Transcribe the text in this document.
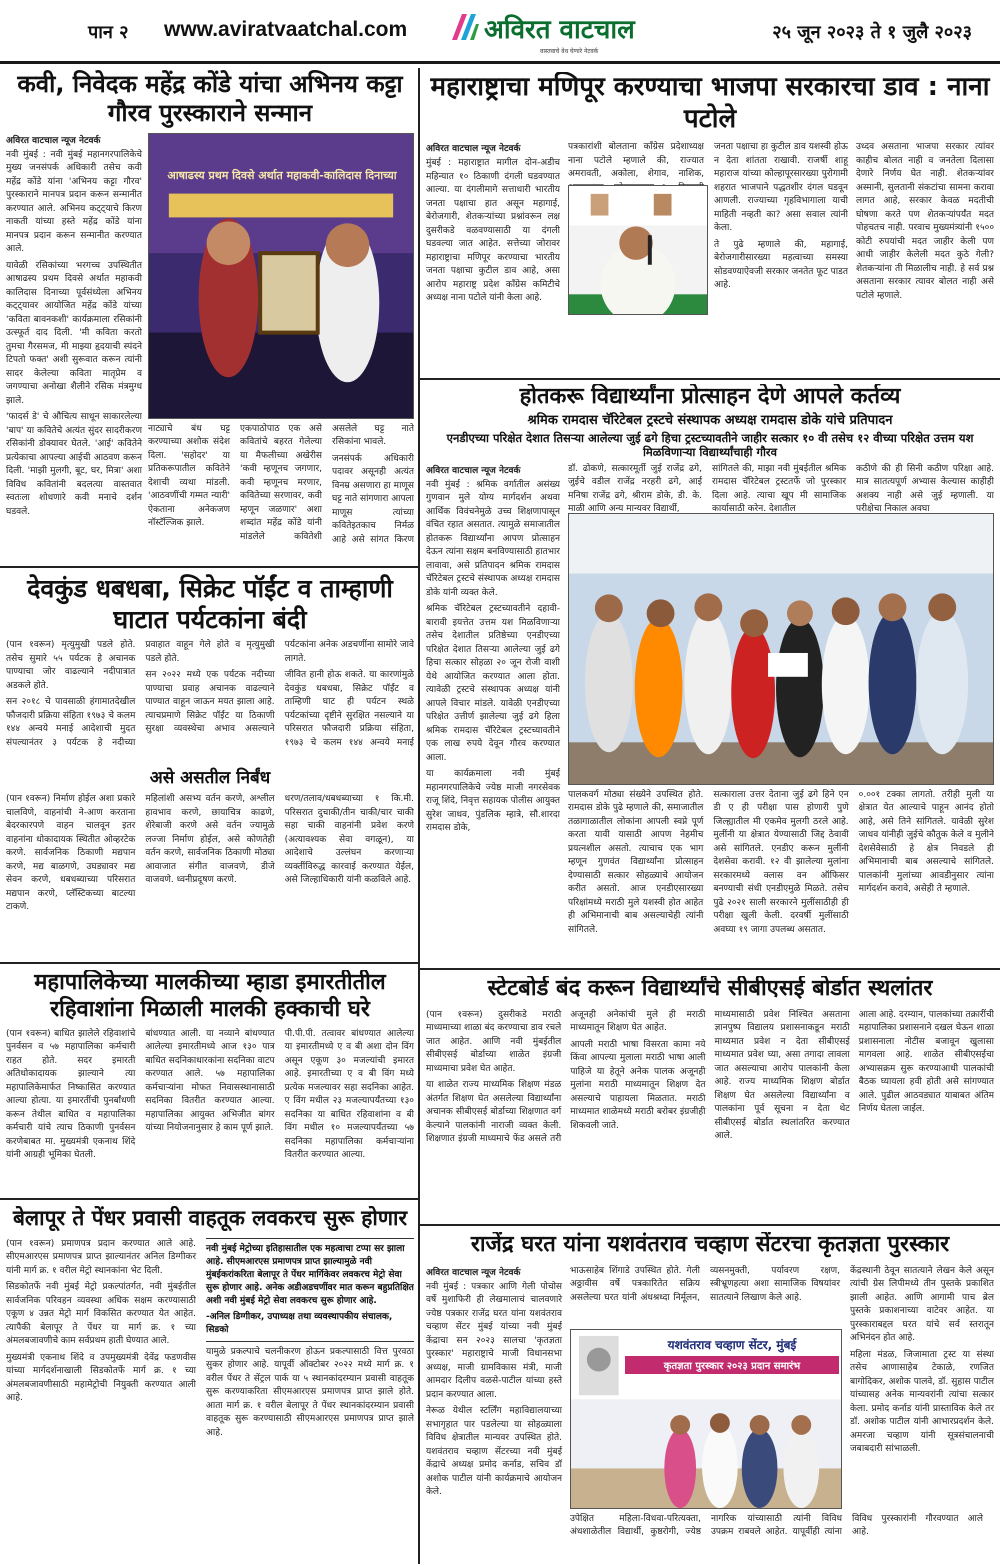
पान २ www.aviratvaatchal.com	अविरत वाटचाल
वास्तवाचे वेध घेणारे नेटवर्क
२५ जून २०२३ ते १ जुलै २०२३
कवी, निवेदक महेंद्र कोंडे यांचा अभिनय कट्टा गौरव पुरस्काराने सन्मान
अविरत वाटचाल न्यूज नेटवर्क

नवी मुंबई : नवी मुंबई महानगरपालिकेचे मुख्य जनसंपर्क अधिकारी तसेच कवी महेंद्र कोंडे यांना 'अभिनय कट्टा गौरव' पुरस्काराने मानपत्र प्रदान करून सन्मानीत करण्यात आले. अभिनय कट्ट्याचे किरण नाकती यांच्या हस्ते महेंद्र कोंडे यांना मानपत्र प्रदान करून सन्मानीत करण्यात आले.

यावेळी रसिकांच्या भरगच्च उपस्थितीत आषाढस्य प्रथम दिवसे अर्थात महाकवी कालिदास दिनाच्या पूर्वसंध्येला अभिनय कट्ट्यावर आयोजित महेंद्र कोंडे यांच्या 'कविता बावनकशी' कार्यक्रमाला रसिकांनी उत्स्फूर्त दाद दिली. 'मी कविता करतो तुमचा गैरसमज, मी माझ्या हृदयाची स्पंदने टिपतो फक्त' अशी सुरूवात करून त्यांनी सादर केलेल्या कविता मातृप्रेम व जगण्याचा अनोखा शैलीने रसिक मंत्रमुग्ध झाले.

'फादर्स डे' चे औचित्य साधून साकारलेल्या 'बाप' या कवितेचे अत्यंत सुंदर सादरीकरण रसिकांनी डोक्यावर घेतले. 'आई' कवितेने प्रत्येकाचा आपल्या आईची आठवण करून दिली. 'माझी मुलगी, बूट, घर, मित्रा' अशा विविध कवितांनी बदलत्या वास्तवात स्वतःला शोधणारे कवी मनाचे दर्शन घडवले.

आषाढस्य प्रथम दिवसे अर्थात महाकवी-कालिदास दिनाच्या

नाट्याचे बंध घट्ट करण्याच्या अशोक संदेश दिला. 'सहोदर' या प्रतिकरूपातील कवितेने देशाची व्यथा मांडली. 'आठवणींची गम्मत न्यारी' ऐकताना अनेकजण नॉस्टॅल्जिक झाले.

एकपाठोपाठ एक असे कवितांचे बहरत गेलेल्या या मैफलीच्या अखेरीस 'कवी म्हणूनच जगणार, कवी म्हणूनच मरणार, कवितेच्या सरणावर, कवी म्हणून जळणार' अशा शब्दांत महेंद्र कोंडे यांनी मांडलेले कवितेशी असलेले घट्ट नाते रसिकांना भावले.

जनसंपर्क अधिकारी पदावर असूनही अत्यंत विनम्र असणारा हा माणूस घट्ट नाते सांगणारा आपला माणूस त्यांच्या कवितेइतकाच निर्मळ आहे असे सांगत किरण

महाराष्ट्राचा मणिपूर करण्याचा भाजपा सरकारचा डाव : नाना पटोले
अविरत वाटचाल न्यूज नेटवर्क

मुंबई : महाराष्ट्रात मागील दोन-अडीच महिन्यात १० ठिकाणी दंगली घडवण्यात आल्या. या दंगलीमागे सत्ताधारी भारतीय जनता पक्षाचा हात असून महागाई, बेरोजगारी, शेतकऱ्यांच्या प्रश्नांवरून लक्ष दुसरीकडे वळवण्यासाठी या दंगली घडवल्या जात आहेत. सत्तेच्या जोरावर महाराष्ट्राचा मणिपूर करण्याचा भारतीय जनता पक्षाचा कुटील डाव आहे, असा आरोप महाराष्ट्र प्रदेश काँग्रेस कमिटीचे अध्यक्ष नाना पटोले यांनी केला आहे.

पत्रकारांशी बोलताना काँग्रेस प्रदेशाध्यक्ष नाना पटोले म्हणाले की, राज्यात अमरावती, अकोला, शेगाव, नाशिक,

जनता पक्षाचा हा कुटील डाव यशस्वी होऊ न देता शांतता राखावी. राजर्षी शाहू महाराज यांच्या कोल्हापूरसारख्या पुरोगामी शहरात भाजपाने पद्धतशीर दंगल घडवून आणली. राज्याच्या गृहविभागाला याची माहिती नव्हती का? असा सवाल त्यांनी केला.

ते पुढे म्हणाले की, महागाई, बेरोजगारीसारख्या महत्वाच्या समस्या सोडवण्याऐवजी सरकार जनतेत फूट पाडत आहे.

उध्दव असताना भाजपा सरकार त्यांवर काहीच बोलत नाही व जनतेला दिलासा देणारे निर्णय घेत नाही. शेतकऱ्यांवर अस्मानी, सुलतानी संकटांचा सामना करावा लागत आहे, सरकार केवळ मदतीची घोषणा करते पण शेतकऱ्यांपर्यंत मदत पोहचतच नाही. परवाच मुख्यमंत्र्यांनी १५०० कोटी रुपयांची मदत जाहीर केली पण आधी जाहीर केलेली मदत कुठे गेली? शेतकऱ्यांना ती मिळालीच नाही. हे सर्व प्रश्न असताना सरकार त्यावर बोलत नाही असे पटोले म्हणाले.

होतकरू विद्यार्थ्यांना प्रोत्साहन देणे आपले कर्तव्य
श्रमिक रामदास चॅरिटेबल ट्रस्टचे संस्थापक अध्यक्ष रामदास डोके यांचे प्रतिपादन
एनडीएच्या परिक्षेत देशात तिसऱ्या आलेल्या जुई ढगे हिचा ट्रस्टच्यावतीने जाहीर सत्कार १० वी तसेच १२ वीच्या परिक्षेत उत्तम यश मिळविणाऱ्या विद्यार्थ्यांचाही गौरव
अविरत वाटचाल न्यूज नेटवर्क

नवी मुंबई : श्रमिक वर्गातील असंख्य गुणवान मुले योग्य मार्गदर्शन अथवा आर्थिक विवंचनेमुळे उच्च शिक्षणापासून वंचित रहात असतात. त्यामुळे समाजातील होतकरू विद्यार्थ्यांना आपण प्रोत्साहन देऊन त्यांना सक्षम बनविण्यासाठी हातभार लावावा, असे प्रतिपादन श्रमिक रामदास चॅरिटेबल ट्रस्टचे संस्थापक अध्यक्ष रामदास डोके यांनी व्यक्त केले.

श्रमिक चॅरिटेबल ट्रस्टच्यावतीने दहावी-बारावी इयत्तेत उत्तम यश मिळविणाऱ्या तसेच देशातील प्रतिष्ठेच्या एनडीएच्या परिक्षेत देशात तिसऱ्या आलेल्या जुई ढगे हिचा सत्कार सोहळा २० जून रोजी वाशी येथे आयोजित करण्यात आला होता. त्यावेळी ट्रस्टचे संस्थापक अध्यक्ष यांनी आपले विचार मांडले. यावेळी एनडीएच्या परिक्षेत उत्तीर्ण झालेल्या जुई ढगे हिला श्रमिक रामदास चॅरिटेबल ट्रस्टच्यावतीने एक लाख रुपये देवून गौरव करण्यात आला.

या कार्यक्रमाला नवी मुंबई महानगरपालिकेचे ज्येष्ठ माजी नगरसेवक राजू शिंदे, निवृत्त सहायक पोलीस आयुक्त सुरेश जाधव, पुंडलिक म्हात्रे, सौ.शारदा रामदास डोके,

डॉ. ढोकणे, सत्कारमूर्ती जुई राजेंद्र ढगे, जुईचे वडील राजेंद्र नरहरी ढगे, आई मनिषा राजेंद्र ढगे, श्रीराम डोके, डी. के. माळी आणि अन्य मान्यवर विद्यार्थी,

सांगितले की, माझा नवी मुंबईतील श्रमिक रामदास चॅरिटेबल ट्रस्टतर्फे जो पुरस्कार दिला आहे. त्याचा खूप मी सामाजिक कार्यासाठी करेन. देशातील

कठीणे की ही सिनी कठीण परिक्षा आहे. मात्र सातत्यपूर्ण अभ्यास केल्यास काहीही अशक्य नाही असे जुई म्हणाली. या परीक्षेचा निकाल अवघा

पालकवर्ग मोठ्या संख्येने उपस्थित होते. रामदास डोके पुढे म्हणाले की, समाजातील तळागाळातील लोकांना आपली स्वप्ने पूर्ण करता यावी यासाठी आपण नेहमीच प्रयत्नशील असतो. त्याचाच एक भाग म्हणून गुणवंत विद्यार्थ्यांना प्रोत्साहन देण्यासाठी सत्कार सोहळ्याचे आयोजन करीत असतो. आज एनडीएसारख्या परिक्षांमध्ये मराठी मुले यशस्वी होत आहेत ही अभिमानाची बाब असल्याचेही त्यांनी सांगितले.

सत्काराला उत्तर देताना जुई ढगे हिने एन डी ए ही परीक्षा पास होणारी पुणे जिल्ह्यातील मी एकमेव मुलगी ठरले आहे. मुलींनी या क्षेत्रात येण्यासाठी जिद्द ठेवावी असे सांगितले. एनडीए करून मुलींनी देशसेवा करावी. १२ वी झालेल्या मुलांना सरकारमध्ये क्लास वन ऑफिसर बनण्याची संधी एनडीएमुळे मिळते. तसेच पुढे २०२१ साली सरकारने मुलींसाठीही ही परीक्षा खुली केली. दरवर्षी मुलींसाठी अवघ्या १९ जागा उपलब्ध असतात.

०.००१ टक्का लागतो. तरीही मुली या क्षेत्रात येत आल्याचे पाहून आनंद होतो आहे, असे तिने सांगितले. यावेळी सुरेश जाधव यांनीही जुईचे कौतुक केले व मुलीने देशसेवेसाठी हे क्षेत्र निवडले ही अभिमानाची बाब असल्याचे सांगितले. पालकांनी मुलांच्या आवडीनुसार त्यांना मार्गदर्शन करावे, असेही ते म्हणाले.

देवकुंड धबधबा, सिक्रेट पॉईंट व ताम्हाणी घाटात पर्यटकांना बंदी

(पान १वरून) मृत्युमुखी पडले होते. तसेच सुमारे ५५ पर्यटक हे अचानक पाण्याचा जोर वाढल्याने नदीपात्रात अडकले होते.

सन २०१८ चे पावसाळी हंगामातदेखील फौजदारी प्रक्रिया संहिता १९७३ चे कलम १४४ अन्वये मनाई आदेशाची मुदत संपल्यानंतर ३ पर्यटक हे नदीच्या प्रवाहात वाहून गेले होते व मृत्युमुखी पडले होते.

सन २०२२ मध्ये एक पर्यटक नदीच्या पाण्याचा प्रवाह अचानक वाढल्याने पाण्यात वाहून जाऊन मयत झाला आहे. त्याचप्रमाणे सिक्रेट पॉईंट या ठिकाणी सुरक्षा व्यवस्थेचा अभाव असल्याने पर्यटकांना अनेक अडचणींना सामोरे जावे लागते.

जीवित हानी होऊ शकते. या कारणांमुळे देवकुंड धबधबा, सिक्रेट पॉईंट व ताम्हिणी घाट ही पर्यटन स्थळे पर्यटकांच्या दृष्टीने सुरक्षित नसल्याने या परिसरात फौजदारी प्रक्रिया संहिता, १९७३ चे कलम १४४ अन्वये मनाई

असे असतील निर्बंध

(पान १वरून) निर्माण होईल अशा प्रकारे चालविणे, वाहनांची ने-आण करताना बेदरकारपणे वाहन चालवून इतर वाहनांना धोकादायक स्थितीत ओव्हरटेक करणे. सार्वजनिक ठिकाणी मद्यपान करणे, मद्य बाळगणे, उघड्यावर मद्य सेवन करणे, धबधब्याच्या परिसरात मद्यपान करणे, प्लॅस्टिकच्या बाटल्या टाकणे.

महिलांशी असभ्य वर्तन करणे, अश्लील हावभाव करणे, छायाचित्र काढणे, शेरेबाजी करणे असे वर्तन ज्यामुळे लज्जा निर्माण होईल, असे कोणतेही वर्तन करणे, सार्वजनिक ठिकाणी मोठ्या आवाजात संगीत वाजवणे, डीजे वाजवणे. ध्वनीप्रदूषण करणे.

धरण/तलाव/धबधब्याच्या १ कि.मी. परिसरात दुचाकी/तीन चाकी/चार चाकी सहा चाकी वाहनांनी प्रवेश करणे (अत्यावश्यक सेवा वगळून), या आदेशाचे उल्लंघन करणाऱ्या व्यक्तींविरुद्ध कारवाई करण्यात येईल, असे जिल्हाधिकारी यांनी कळविले आहे.

महापालिकेच्या मालकीच्या म्हाडा इमारतीतील रहिवाशांना मिळाली मालकी हक्काची घरे

(पान १वरून) बाधित झालेले रहिवाशांचे पुनर्वसन व ५७ महापालिका कर्मचारी राहत होते. सदर इमारती अतिधोकादायक झाल्याने त्या महापालिकेमार्फत निष्कासित करण्यात आल्या होत्या. या इमारतींची पुनर्बांधणी करून तेथील बाधित व महापालिका कर्मचारी यांचे त्याच ठिकाणी पुनर्वसन करणेबाबत मा. मुख्यमंत्री एकनाथ शिंदे यांनी आग्रही भूमिका घेतली.

बांधण्यात आली. या नव्याने बांधण्यात आलेल्या इमारतीमध्ये आज १३० पात्र बाधित सदनिकाधारकांना सदनिका वाटप करण्यात आले. ५७ महापालिका कर्मचाऱ्यांना मोफत निवासस्थानासाठी सदनिका वितरीत करण्यात आल्या. महापालिका आयुक्त अभिजीत बांगर यांच्या नियोजनानुसार हे काम पूर्ण झाले.

पी.पी.पी. तत्वावर बांधण्यात आलेल्या या इमारतीमध्ये ए व बी अशा दोन विंग असून एकूण ३० मजल्यांची इमारत आहे. इमारतीच्या ए व बी विंग मध्ये प्रत्येक मजल्यावर सहा सदनिका आहेत. ए विंग मधील २३ मजल्यापर्यंतच्या १३० सदनिका या बाधित रहिवाशांना व बी विंग मधील १० मजल्यापर्यंतच्या ५७ सदनिका महापालिका कर्मचाऱ्यांना वितरीत करण्यात आल्या.

स्टेटबोर्ड बंद करून विद्यार्थ्यांचे सीबीएसई बोर्डात स्थलांतर

(पान १वरून) दुसरीकडे मराठी माध्यमाच्या शाळा बंद करण्याचा डाव रचले जात आहेत. आणि नवी मुंबईतील सीबीएसई बोर्डाच्या शाळेत इंग्रजी माध्यमाचा प्रवेश घेत आहेत.

या शाळेत राज्य माध्यमिक शिक्षण मंडळ अंतर्गत शिक्षण घेत असलेल्या विद्यार्थ्यांना अचानक सीबीएसई बोर्डाच्या शिक्षणात वर्ग केल्याने पालकांनी नाराजी व्यक्त केली. शिक्षणात इंग्रजी माध्यमाचे फेंड असले तरी अजूनही अनेकांची मुले ही मराठी माध्यमातून शिक्षण घेत आहेत.

आपली मराठी भाषा विसरता कामा नये किंवा आपल्या मुलाला मराठी भाषा आली पाहिजे या हेतूने अनेक पालक अजूनही मुलांना मराठी माध्यमातून शिक्षण देत असल्याचे पाहायला मिळतात. मराठी माध्यमात शाळेमध्ये मराठी बरोबर इंग्रजीही शिकवली जाते.

माध्यमासाठी प्रवेश निश्चित असताना ज्ञानपुष्प विद्यालय प्रशासनाकडून मराठी माध्यमात प्रवेश न देता सीबीएसई माध्यमात प्रवेश घ्या, असा तगादा लावला जात असल्याचा आरोप पालकांनी केला आहे. राज्य माध्यमिक शिक्षण बोर्डात शिक्षण घेत असलेल्या विद्यार्थ्यांना व पालकांना पूर्व सूचना न देता थेट सीबीएसई बोर्डात स्थलांतरित करण्यात आले.

आला आहे. दरम्यान, पालकांच्या तक्रारींची महापालिका प्रशासनाने दखल घेऊन शाळा प्रशासनाला नोटीस बजावून खुलासा मागवला आहे. शाळेत सीबीएसईचा अभ्यासक्रम सुरू करण्याआधी पालकांची बैठक घ्यायला हवी होती असे सांगण्यात आले. पुढील आठवड्यात याबाबत अंतिम निर्णय घेतला जाईल.

बेलापूर ते पेंधर प्रवासी वाहतूक लवकरच सुरू होणार

(पान १वरून) प्रमाणपत्र प्रदान करण्यात आले आहे. सीएमआरएस प्रमाणपत्र प्राप्त झाल्यानंतर अनिल डिग्गीकर यांनी मार्ग क्र. १ वरील मेट्रो स्थानकांना भेट दिली.

सिडकोतर्फे नवी मुंबई मेट्रो प्रकल्पांतर्गत, नवी मुंबईतील सार्वजनिक परिवहन व्यवस्था अधिक सक्षम करण्यासाठी एकूण ४ उन्नत मेट्रो मार्ग विकसित करण्यात येत आहेत. त्यापैकी बेलापूर ते पेंधर या मार्ग क्र. १ च्या अंमलबजावणीचे काम सर्वप्रथम हाती घेण्यात आले.

मुख्यमंत्री एकनाथ शिंदे व उपमुख्यमंत्री देवेंद्र फडणवीस यांच्या मार्गदर्शनाखाली सिडकोतर्फे मार्ग क्र. १ च्या अंमलबजावणीसाठी महामेट्रोची नियुक्ती करण्यात आली आहे.

नवी मुंबई मेट्रोच्या इतिहासातील एक महत्वाचा टप्पा सर झाला आहे. सीएमआरएस प्रमाणपत्र प्राप्त झाल्यामुळे नवी मुंबईकरांकरिता बेलापूर ते पेंधर मार्गिकेवर लवकरच मेट्रो सेवा सुरू होणार आहे. अनेक अडीअडचणींवर मात करून बहुप्रतिक्षित अशी नवी मुंबई मेट्रो सेवा लवकरच सुरू होणार आहे.

-अनिल डिग्गीकर, उपाध्यक्ष तथा व्यवस्थापकीय संचालक, सिडको

यामुळे प्रकल्पाचे चलनीकरण होऊन प्रकल्पासाठी वित्त पुरवठा सुकर होणार आहे. यापूर्वी ऑक्टोबर २०२२ मध्ये मार्ग क्र. १ वरील पेंधर ते सेंट्रल पार्क या ५ स्थानकांदरम्यान प्रवासी वाहतूक सुरू करण्याकरिता सीएमआरएस प्रमाणपत्र प्राप्त झाले होते. आता मार्ग क्र. १ वरील बेलापूर ते पेंधर स्थानकांदरम्यान प्रवासी वाहतूक सुरू करण्यासाठी सीएमआरएस प्रमाणपत्र प्राप्त झाले आहे.

राजेंद्र घरत यांना यशवंतराव चव्हाण सेंटरचा कृतज्ञता पुरस्कार
अविरत वाटचाल न्यूज नेटवर्क

नवी मुंबई : पत्रकार आणि गेली पोचोस वर्षे मुशाफिरी ही लेखमालाचं चालवणारे ज्येष्ठ पत्रकार राजेंद्र घरत यांना यशवंतराव चव्हाण सेंटर मुंबई यांच्या नवी मुंबई केंद्राचा सन २०२३ सालचा 'कृतज्ञता पुरस्कार' महाराष्ट्राचे माजी विधानसभा अध्यक्ष, माजी ग्रामविकास मंत्री, माजी आमदार दिलीप वळसे-पाटील यांच्या हस्ते प्रदान करण्यात आला.

नेरूळ येथील स्टर्लिंग महाविद्यालयाच्या सभागृहात पार पडलेल्या या सोहळ्याला विविध क्षेत्रातील मान्यवर उपस्थित होते. यशवंतराव चव्हाण सेंटरच्या नवी मुंबई केंद्राचे अध्यक्ष प्रमोद कर्नाड, सचिव डॉ अशोक पाटील यांनी कार्यक्रमाचे आयोजन केले.

भाऊसाहेब शिंगाडे उपस्थित होते. गेली अठ्ठावीस वर्षे पत्रकारितेत सक्रिय असलेल्या घरत यांनी अंधश्रध्दा निर्मूलन, व्यसनमुक्ती, पर्यावरण रक्षण, स्त्रीभ्रूणहत्या अशा सामाजिक विषयांवर सातत्याने लिखाण केले आहे.

यशवंतराव चव्हाण सेंटर, मुंबई
कृतज्ञता पुरस्कार २०२३ प्रदान समारंभ

उपेक्षित महिला-विधवा-परित्यक्ता, अंधशाळेतील विद्यार्थी, कुष्ठरोगी, ज्येष्ठ नागरिक यांच्यासाठी त्यांनी विविध उपक्रम राबवले आहेत. यापूर्वीही त्यांना विविध पुरस्कारांनी गौरवण्यात आले आहे.

केंद्रस्थानी ठेवून सातत्याने लेखन केले असून त्यांची ग्रेस लिपीमध्ये तीन पुस्तके प्रकाशित झाली आहेत. आणि आगामी पाच ब्रेल पुस्तके प्रकाशनाच्या वाटेवर आहेत. या पुरस्काराबद्दल घरत यांचे सर्व स्तरातून अभिनंदन होत आहे.

महिला मंडळ, जिजामाता ट्रस्ट या संस्था तसेच आणासाहेब टेकाळे, रणजित बागोदिकर, अशोक पालवे, डॉ. सुहास पाटील यांच्यासह अनेक मान्यवरांनी त्यांचा सत्कार केला. प्रमोद कर्नाड यांनी प्रास्ताविक केले तर डॉ. अशोक पाटील यांनी आभारप्रदर्शन केले. अमरजा चव्हाण यांनी सूत्रसंचालनाची जबाबदारी सांभाळली.
